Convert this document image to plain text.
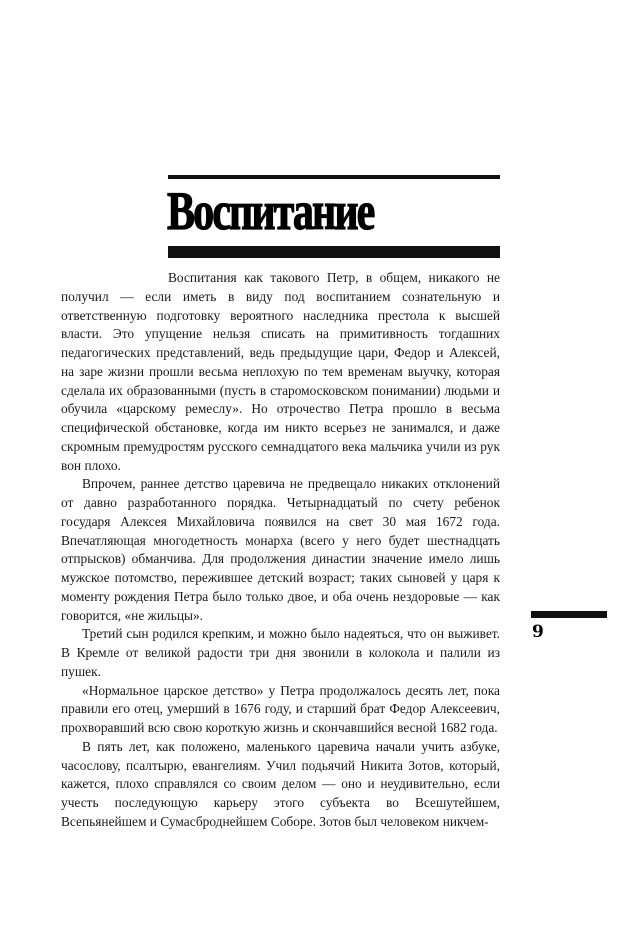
Воспитание

Воспитания как такового Петр, в общем, никакого не получил — если иметь в виду под воспитанием сознательную и ответственную подготовку вероятного наследника престола к высшей власти. Это упущение нельзя списать на примитивность тогдашних педагогических представлений, ведь предыдущие цари, Федор и Алексей, на заре жизни прошли весьма неплохую по тем временам выучку, которая сделала их образованными (пусть в старомосковском понимании) людьми и обучила «царскому ремеслу». Но отрочество Петра прошло в весьма специфической обстановке, когда им никто всерьез не занимался, и даже скромным премудростям русского семнадцатого века мальчика учили из рук вон плохо.

Впрочем, раннее детство царевича не предвещало никаких отклонений от давно разработанного порядка. Четырнадцатый по счету ребенок государя Алексея Михайловича появился на свет 30 мая 1672 года. Впечатляющая многодетность монарха (всего у него будет шестнадцать отпрысков) обманчива. Для продолжения династии значение имело лишь мужское потомство, пережившее детский возраст; таких сыновей у царя к моменту рождения Петра было только двое, и оба очень нездоровые — как говорится, «не жильцы».

Третий сын родился крепким, и можно было надеяться, что он выживет. В Кремле от великой радости три дня звонили в колокола и палили из пушек.

«Нормальное царское детство» у Петра продолжалось десять лет, пока правили его отец, умерший в 1676 году, и старший брат Федор Алексеевич, прохворавший всю свою короткую жизнь и скончавшийся весной 1682 года.

В пять лет, как положено, маленького царевича начали учить азбуке, часослову, псалтырю, евангелиям. Учил подьячий Никита Зотов, который, кажется, плохо справлялся со своим делом — оно и неудивительно, если учесть последующую карьеру этого субъекта во Всешутейшем, Всепьянейшем и Сумасброднейшем Соборе. Зотов был человеком никчем-

9
